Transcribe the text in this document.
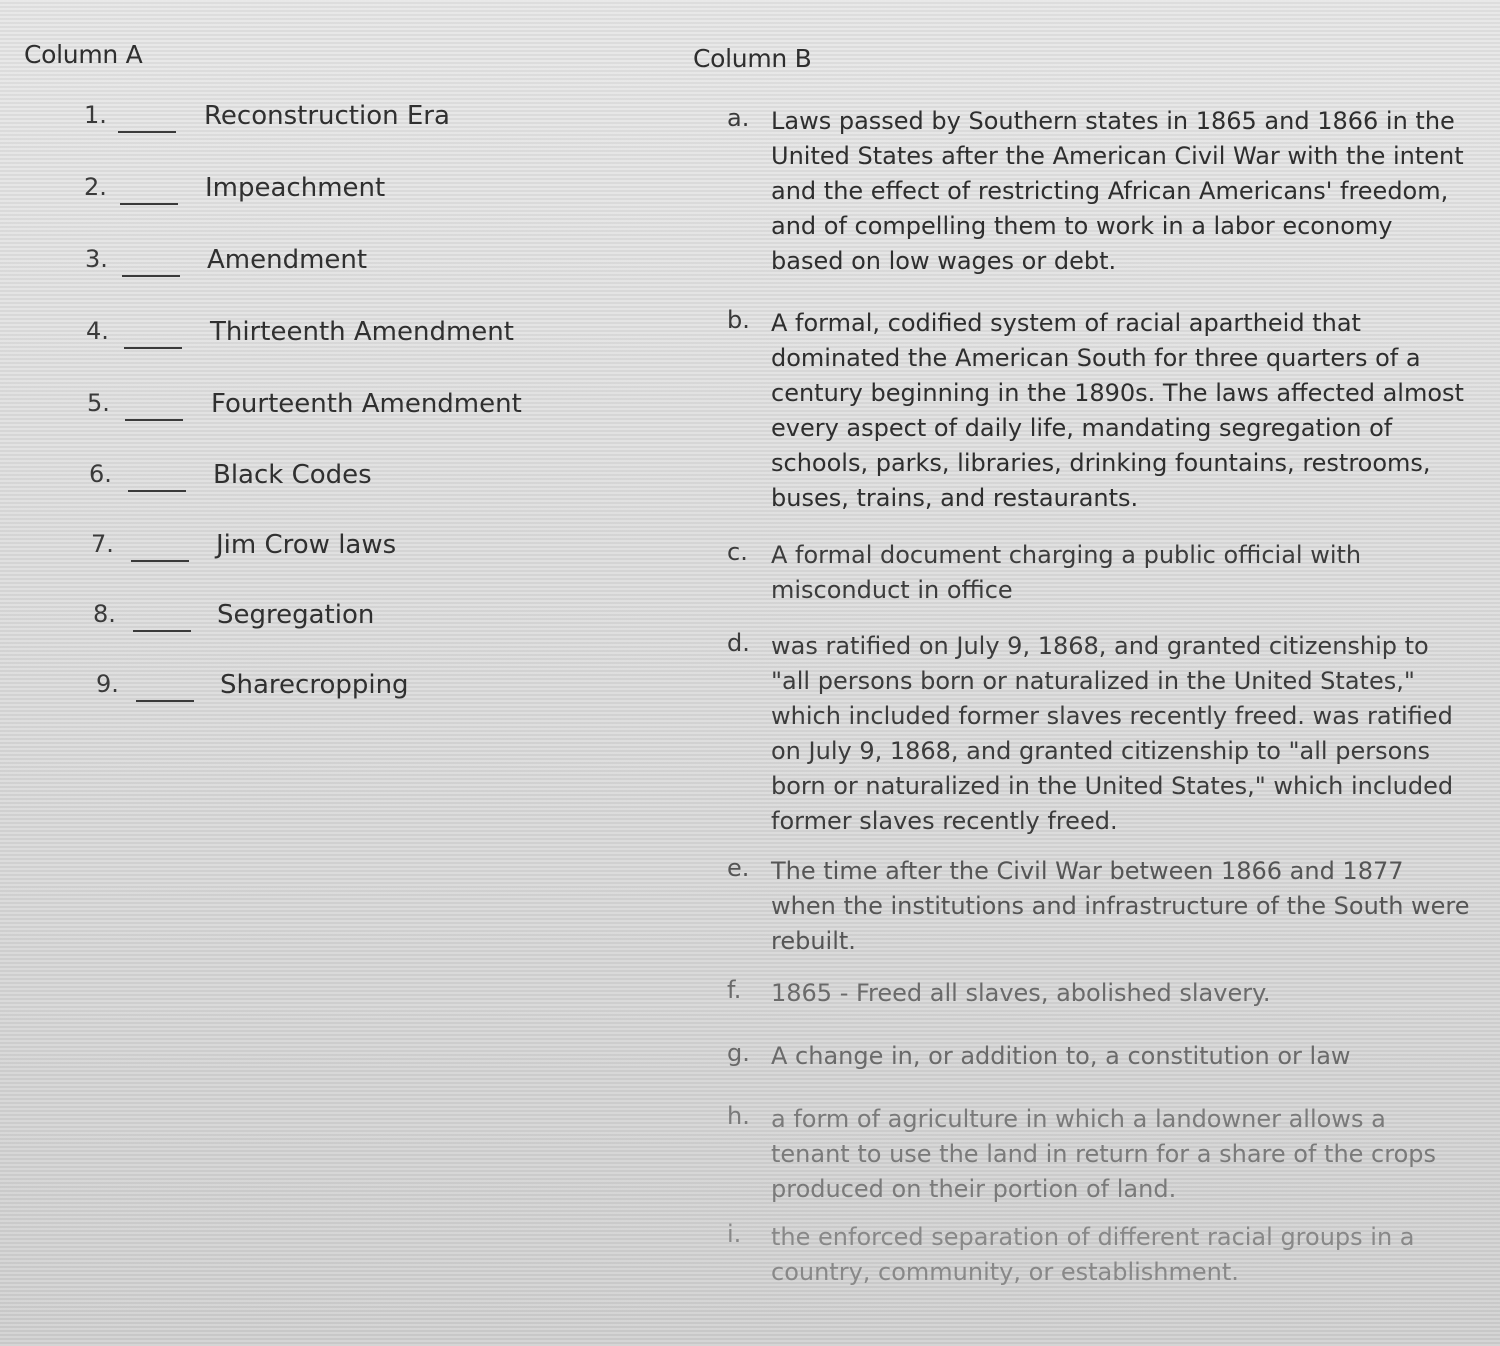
Column A	Column B
1.	Reconstruction Era
2.	Impeachment
3.	Amendment
4.	Thirteenth Amendment
5.	Fourteenth Amendment
6.	Black Codes
7.	Jim Crow laws
8.	Segregation
9.	Sharecropping
a. Laws passed by Southern states in 1865 and 1866 in the United States after the American Civil War with the intent and the effect of restricting African Americans' freedom, and of compelling them to work in a labor economy based on low wages or debt.
b. A formal, codified system of racial apartheid that dominated the American South for three quarters of a century beginning in the 1890s. The laws affected almost every aspect of daily life, mandating segregation of schools, parks, libraries, drinking fountains, restrooms, buses, trains, and restaurants.
c. A formal document charging a public official with misconduct in office
d. was ratified on July 9, 1868, and granted citizenship to "all persons born or naturalized in the United States," which included former slaves recently freed. was ratified on July 9, 1868, and granted citizenship to "all persons born or naturalized in the United States," which included former slaves recently freed.
e. The time after the Civil War between 1866 and 1877 when the institutions and infrastructure of the South were rebuilt.
f. 1865 - Freed all slaves, abolished slavery.
g. A change in, or addition to, a constitution or law
h. a form of agriculture in which a landowner allows a tenant to use the land in return for a share of the crops produced on their portion of land.
i. the enforced separation of different racial groups in a country, community, or establishment.
